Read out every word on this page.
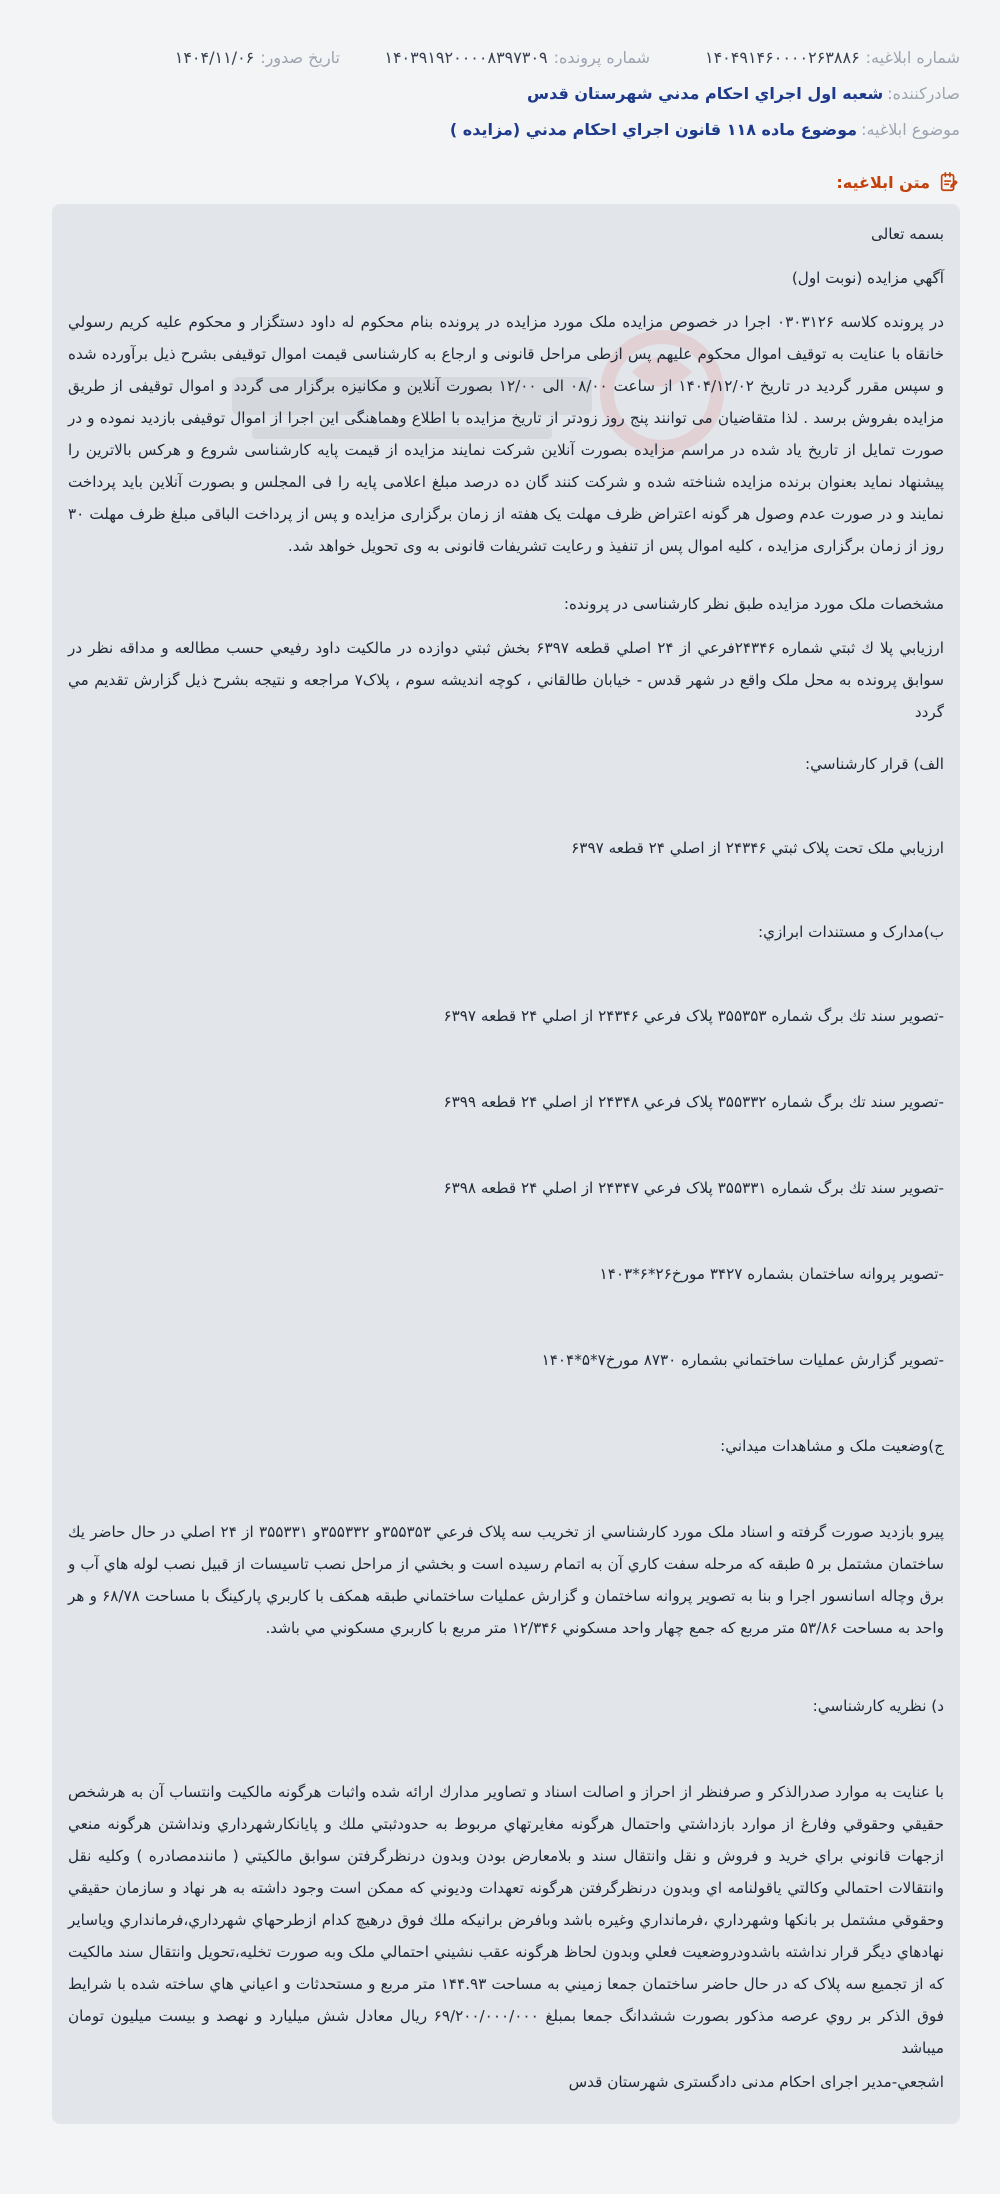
شماره ابلاغیه:۱۴۰۴۹۱۴۶۰۰۰۰۲۶۳۸۸۶
شماره پرونده:۱۴۰۳۹۱۹۲۰۰۰۰۸۳۹۷۳۰۹
تاریخ صدور:۱۴۰۴/۱۱/۰۶
صادرکننده:شعبه اول اجراي احکام مدني شهرستان قدس
موضوع ابلاغیه:موضوع ماده ۱۱۸ قانون اجراي احکام مدني (مزايده )
متن ابلاغیه:
بسمه تعالی
آگهي مزايده (نوبت اول)
در پرونده کلاسه ۰۳۰۳۱۲۶ اجرا در خصوص مزایده ملک مورد مزایده در پرونده بنام محکوم له داود دستگزار و محکوم علیه کریم رسولي خانقاه با عنایت به توقیف اموال محکوم علیهم پس ازطی مراحل قانونی و ارجاع به کارشناسی قیمت اموال توقیفی بشرح ذیل برآورده شده و سپس مقرر گردید در تاریخ ۱۴۰۴/۱۲/۰۲ از ساعت ۰۸/۰۰ الی ۱۲/۰۰ بصورت آنلاین و مکانیزه برگزار می گردد و اموال توقیفی از طریق مزایده بفروش برسد . لذا متقاضیان می توانند پنج روز زودتر از تاریخ مزایده با اطلاع وهماهنگی این اجرا از اموال توقیفی بازدید نموده و در صورت تمایل از تاریخ یاد شده در مراسم مزایده بصورت آنلاین شرکت نمایند مزایده از قیمت پایه کارشناسی شروع و هرکس بالاترین را پیشنهاد نماید بعنوان برنده مزایده شناخته شده و شرکت کنند گان ده درصد مبلغ اعلامی پایه را فی المجلس و بصورت آنلاین باید پرداخت نمایند و در صورت عدم وصول هر گونه اعتراض ظرف مهلت یک هفته از زمان برگزاری مزایده و پس از پرداخت الباقی مبلغ ظرف مهلت ۳۰ روز از زمان برگزاری مزایده ، کلیه اموال پس از تنفیذ و رعایت تشریفات قانونی به وی تحویل خواهد شد.
مشخصات ملک مورد مزایده طبق نظر کارشناسی در پرونده:
ارزيابي پلا ك ثبتي شماره ۲۴۳۴۶فرعي از ۲۴ اصلي قطعه ۶۳۹۷ بخش ثبتي دوازده در مالکيت داود رفيعي حسب مطالعه و مداقه نظر در سوابق پرونده به محل ملک واقع در شهر قدس - خيابان طالقاني ، کوچه انديشه سوم ، پلاک۷ مراجعه و نتيجه بشرح ذيل گزارش تقديم مي گردد
الف) قرار کارشناسي:
ارزيابي ملک تحت پلاک ثبتي ۲۴۳۴۶ از اصلي ۲۴ قطعه ۶۳۹۷
ب)مدارک و مستندات ابرازي:
-تصوير سند تك برگ شماره ۳۵۵۳۵۳ پلاک فرعي ۲۴۳۴۶ از اصلي ۲۴ قطعه ۶۳۹۷
-تصوير سند تك برگ شماره ۳۵۵۳۳۲ پلاک فرعي ۲۴۳۴۸ از اصلي ۲۴ قطعه ۶۳۹۹
-تصوير سند تك برگ شماره ۳۵۵۳۳۱ پلاک فرعي ۲۴۳۴۷ از اصلي ۲۴ قطعه ۶۳۹۸
-تصوير پروانه ساختمان بشماره ۳۴۲۷ مورخ۲۶*۶*۱۴۰۳
-تصوير گزارش عمليات ساختماني بشماره ۸۷۳۰ مورخ۷*۵*۱۴۰۴
ج)وضعيت ملک و مشاهدات ميداني:
پيرو بازديد صورت گرفته و اسناد ملک مورد کارشناسي از تخريب سه پلاک فرعي ۳۵۵۳۵۳و ۳۵۵۳۳۲و ۳۵۵۳۳۱ از ۲۴ اصلي در حال حاضر يك ساختمان مشتمل بر ۵ طبقه که مرحله سفت کاري آن به اتمام رسيده است و بخشي از مراحل نصب تاسيسات از قبيل نصب لوله هاي آب و برق وچاله اسانسور اجرا و بنا به تصوير پروانه ساختمان و گزارش عمليات ساختماني طبقه همکف با کاربري پارکينگ با مساحت ۶۸/۷۸ و هر واحد به مساحت ۵۳/۸۶ متر مربع که جمع چهار واحد مسکوني ۱۲/۳۴۶ متر مربع با کاربري مسکوني مي باشد.
د) نظريه کارشناسي:
با عنايت به موارد صدرالذکر و صرفنظر از احراز و اصالت اسناد و تصاوير مدارك ارائه شده واثبات هرگونه مالکيت وانتساب آن به هرشخص حقيقي وحقوقي وفارغ از موارد بازداشتي واحتمال هرگونه مغايرتهاي مربوط به حدودثبتي ملك و پايانكارشهرداري ونداشتن هرگونه منعي ازجهات قانوني براي خريد و فروش و نقل وانتقال سند و بلامعارض بودن وبدون درنظرگرفتن سوابق مالكيتي ( مانندمصادره ) وكليه نقل وانتقالات احتمالي وكالتي ياقولنامه اي وبدون درنظرگرفتن هرگونه تعهدات وديوني كه ممكن است وجود داشته به هر نهاد و سازمان حقيقي وحقوقي مشتمل بر بانكها وشهرداري ،فرمانداري وغيره باشد وبافرض برانيكه ملك فوق درهيچ كدام ازطرحهاي شهرداري،فرمانداري وياساير نهادهاي ديگر قرار نداشته باشدودروضعيت فعلي وبدون لحاظ هرگونه عقب نشيني احتمالي ملک وبه صورت تخليه،تحويل وانتقال سند مالکيت که از تجميع سه پلاک که در حال حاضر ساختمان جمعا زميني به مساحت ۱۴۴.۹۳ متر مربع و مستحدثات و اعياني هاي ساخته شده با شرايط فوق الذکر بر روي عرصه مذکور بصورت ششدانگ جمعا بمبلغ ۶۹/۲۰۰/۰۰۰/۰۰۰ ريال معادل شش ميليارد و نهصد و بيست ميليون تومان ميباشد
اشجعي-مدير اجرای احکام مدنی دادگستری شهرستان قدس
